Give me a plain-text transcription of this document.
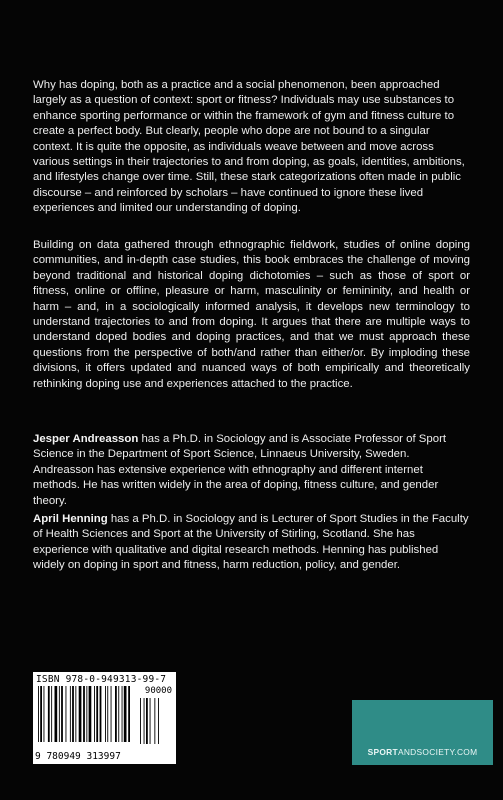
Why has doping, both as a practice and a social phenomenon, been approached largely as a question of context: sport or fitness? Individuals may use substances to enhance sporting performance or within the framework of gym and fitness culture to create a perfect body. But clearly, people who dope are not bound to a singular context. It is quite the opposite, as individuals weave between and move across various settings in their trajectories to and from doping, as goals, identities, ambitions, and lifestyles change over time. Still, these stark categorizations often made in public discourse – and reinforced by scholars – have continued to ignore these lived experiences and limited our understanding of doping.

Building on data gathered through ethnographic fieldwork, studies of online doping communities, and in-depth case studies, this book embraces the challenge of moving beyond traditional and historical doping dichotomies – such as those of sport or fitness, online or offline, pleasure or harm, masculinity or femininity, and health or harm – and, in a sociologically informed analysis, it develops new terminology to understand trajectories to and from doping. It argues that there are multiple ways to understand doped bodies and doping practices, and that we must approach these questions from the perspective of both/and rather than either/or. By imploding these divisions, it offers updated and nuanced ways of both empirically and theoretically rethinking doping use and experiences attached to the practice.

Jesper Andreasson has a Ph.D. in Sociology and is Associate Professor of Sport Science in the Department of Sport Science, Linnaeus University, Sweden. Andreasson has extensive experience with ethnography and different internet methods. He has written widely in the area of doping, fitness culture, and gender theory.

April Henning has a Ph.D. in Sociology and is Lecturer of Sport Studies in the Faculty of Health Sciences and Sport at the University of Stirling, Scotland. She has experience with qualitative and digital research methods. Henning has published widely on doping in sport and fitness, harm reduction, policy, and gender.

ISBN 978-0-949313-99-7
90000
9 780949 313997	SPORTANDSOCIETY.COM
